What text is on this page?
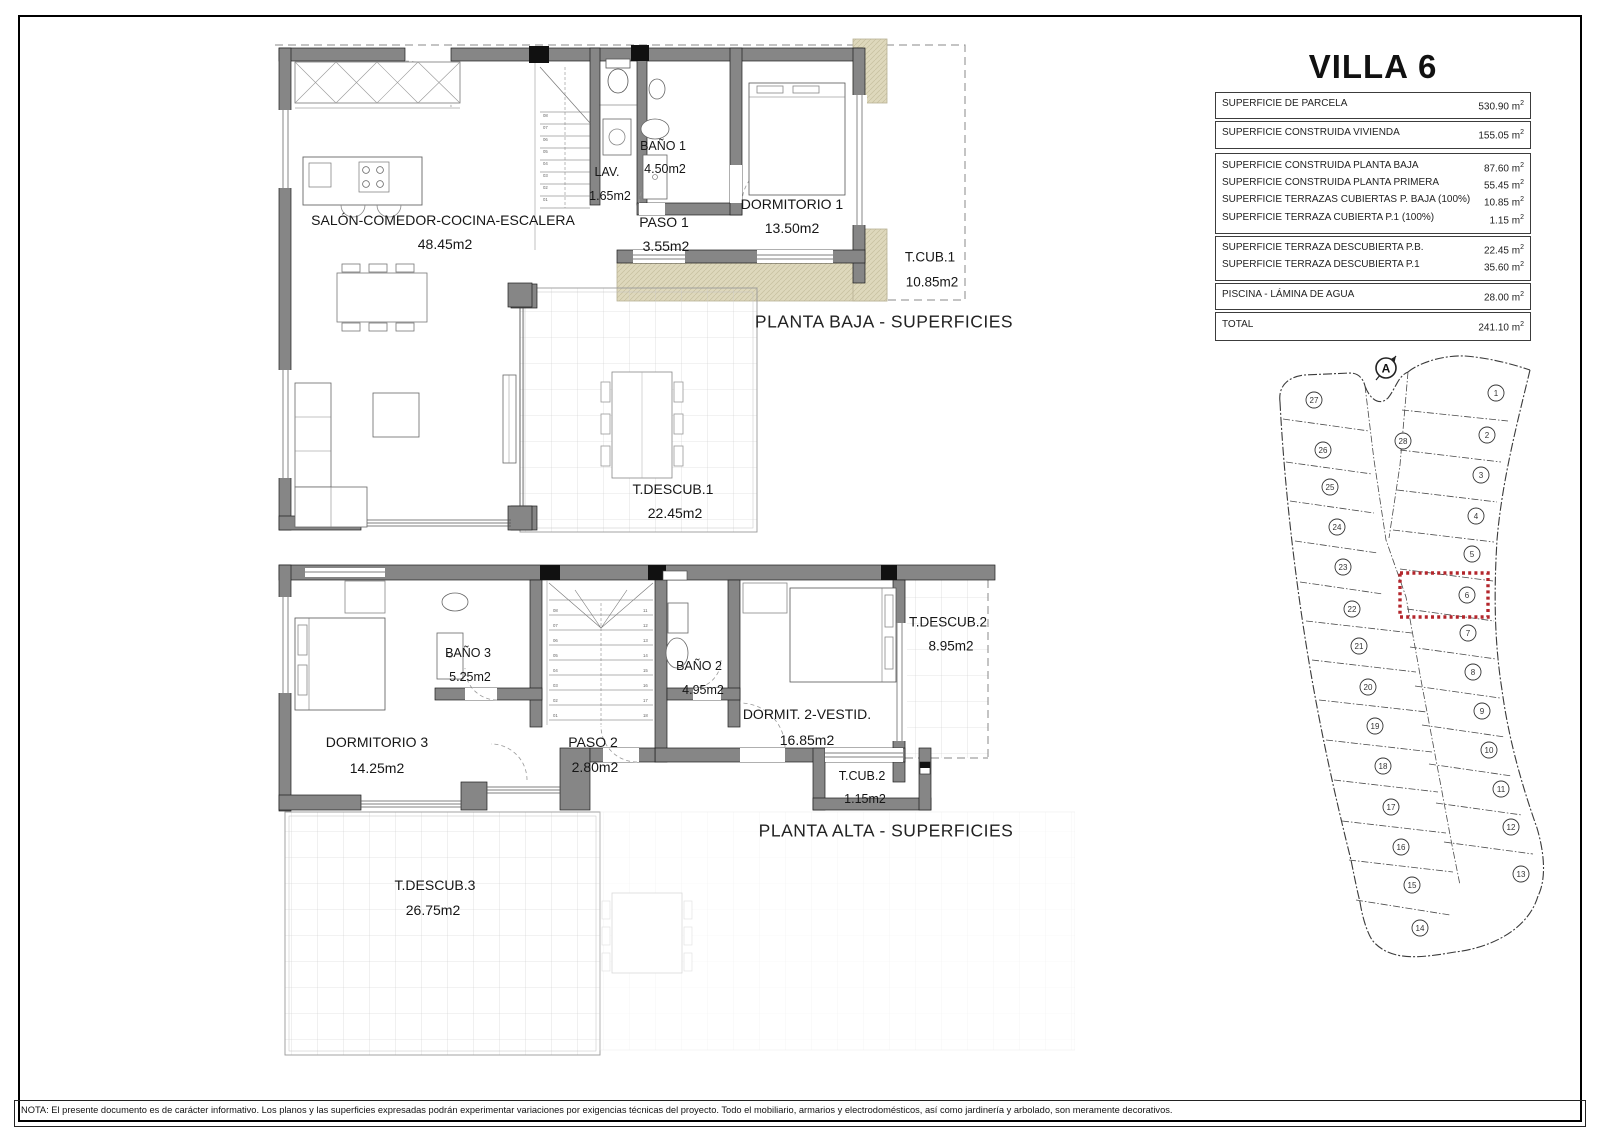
01
02
03
04
05
06
07
08
08
07
06
05
04
03
02
01
11
12
13
14
15
16
17
18
SALÓN-COMEDOR-COCINA-ESCALERA
48.45m2
LAV.
1.65m2
BAÑO 1
4.50m2
PASO 1
3.55m2
DORMITORIO 1
13.50m2
T.CUB.1
10.85m2
T.DESCUB.1
22.45m2
PLANTA BAJA - SUPERFICIES
DORMITORIO 3
14.25m2
BAÑO 3
5.25m2
PASO 2
2.80m2
BAÑO 2
4.95m2
DORMIT. 2-VESTID.
16.85m2
T.DESCUB.2
8.95m2
T.CUB.2
1.15m2
T.DESCUB.3
26.75m2
PLANTA ALTA - SUPERFICIES
VILLA 6
SUPERFICIE DE PARCELA	530.90 $m^2$
SUPERFICIE CONSTRUIDA VIVIENDA	155.05 $m^2$
SUPERFICIE CONSTRUIDA PLANTA BAJA	87.60 $m^2$
SUPERFICIE CONSTRUIDA PLANTA PRIMERA	55.45 $m^2$
SUPERFICIE TERRAZAS CUBIERTAS P. BAJA (100%) 10.85 $m^2$
SUPERFICIE TERRAZA CUBIERTA P.1 (100%)	1.15 $m^2$
SUPERFICIE TERRAZA DESCUBIERTA P.B.	22.45 $m^2$
SUPERFICIE TERRAZA DESCUBIERTA P.1	35.60 $m^2$
PISCINA - LÁMINA DE AGUA	28.00 $m^2$
TOTAL	241.10 $m^2$
A
27
26
25
24
23
22
21
20
19
18
17
16
15
14
28
1
2
3
4
5
6
7
8
9
10
11
12
13
NOTA: El presente documento es de carácter informativo. Los planos y las superficies expresadas podrán experimentar variaciones por exigencias técnicas del proyecto. Todo el mobiliario, armarios y electrodomésticos, así como jardinería y arbolado, son meramente decorativos.
